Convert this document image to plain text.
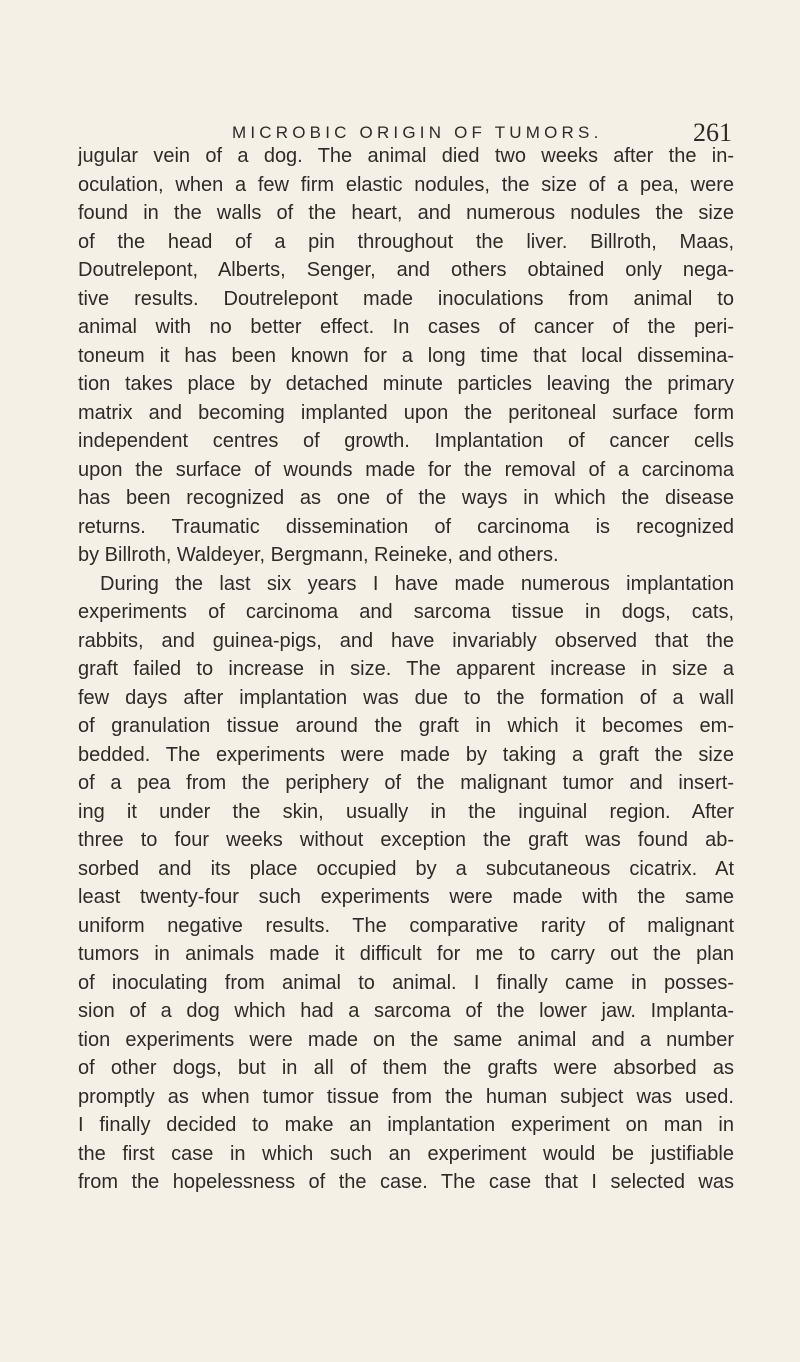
MICROBIC ORIGIN OF TUMORS.	261
jugular vein of a dog. The animal died two weeks after the in-
oculation, when a few firm elastic nodules, the size of a pea, were
found in the walls of the heart, and numerous nodules the size
of the head of a pin throughout the liver. Billroth, Maas,
Doutrelepont, Alberts, Senger, and others obtained only nega-
tive results. Doutrelepont made inoculations from animal to
animal with no better effect. In cases of cancer of the peri-
toneum it has been known for a long time that local dissemina-
tion takes place by detached minute particles leaving the primary
matrix and becoming implanted upon the peritoneal surface form
independent centres of growth. Implantation of cancer cells
upon the surface of wounds made for the removal of a carcinoma
has been recognized as one of the ways in which the disease
returns. Traumatic dissemination of carcinoma is recognized
by Billroth, Waldeyer, Bergmann, Reineke, and others.
During the last six years I have made numerous implantation
experiments of carcinoma and sarcoma tissue in dogs, cats,
rabbits, and guinea-pigs, and have invariably observed that the
graft failed to increase in size. The apparent increase in size a
few days after implantation was due to the formation of a wall
of granulation tissue around the graft in which it becomes em-
bedded. The experiments were made by taking a graft the size
of a pea from the periphery of the malignant tumor and insert-
ing it under the skin, usually in the inguinal region. After
three to four weeks without exception the graft was found ab-
sorbed and its place occupied by a subcutaneous cicatrix. At
least twenty-four such experiments were made with the same
uniform negative results. The comparative rarity of malignant
tumors in animals made it difficult for me to carry out the plan
of inoculating from animal to animal. I finally came in posses-
sion of a dog which had a sarcoma of the lower jaw. Implanta-
tion experiments were made on the same animal and a number
of other dogs, but in all of them the grafts were absorbed as
promptly as when tumor tissue from the human subject was used.
I finally decided to make an implantation experiment on man in
the first case in which such an experiment would be justifiable
from the hopelessness of the case. The case that I selected was
